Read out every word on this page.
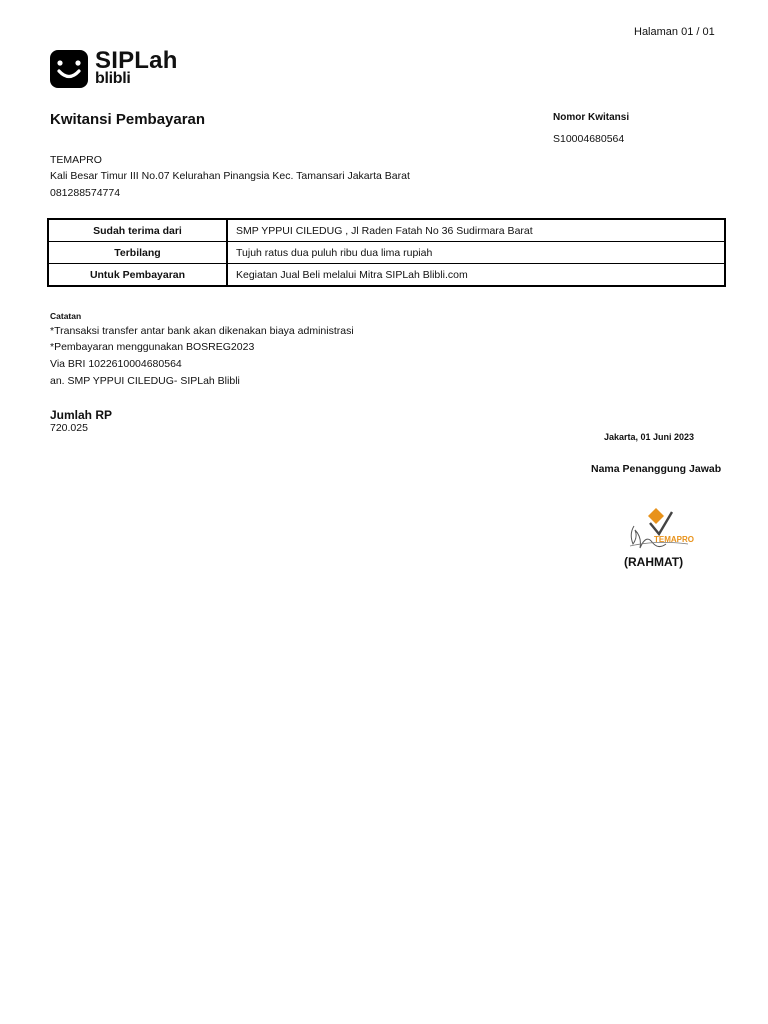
Halaman 01 / 01
SIPLah
blibli
Kwitansi Pembayaran	Nomor Kwitansi
S10004680564
TEMAPRO
Kali Besar Timur III No.07 Kelurahan Pinangsia Kec. Tamansari Jakarta Barat
081288574774
Sudah terima dari	SMP YPPUI CILEDUG , Jl Raden Fatah No 36 Sudirmara Barat
Terbilang	Tujuh ratus dua puluh ribu dua lima rupiah
Untuk Pembayaran	Kegiatan Jual Beli melalui Mitra SIPLah Blibli.com
Catatan
*Transaksi transfer antar bank akan dikenakan biaya administrasi
*Pembayaran menggunakan BOSREG2023
Via BRI 1022610004680564
an. SMP YPPUI CILEDUG- SIPLah Blibli
Jumlah RP
720.025
Jakarta, 01 Juni 2023
Nama Penanggung Jawab
TEMAPRO
(RAHMAT)
